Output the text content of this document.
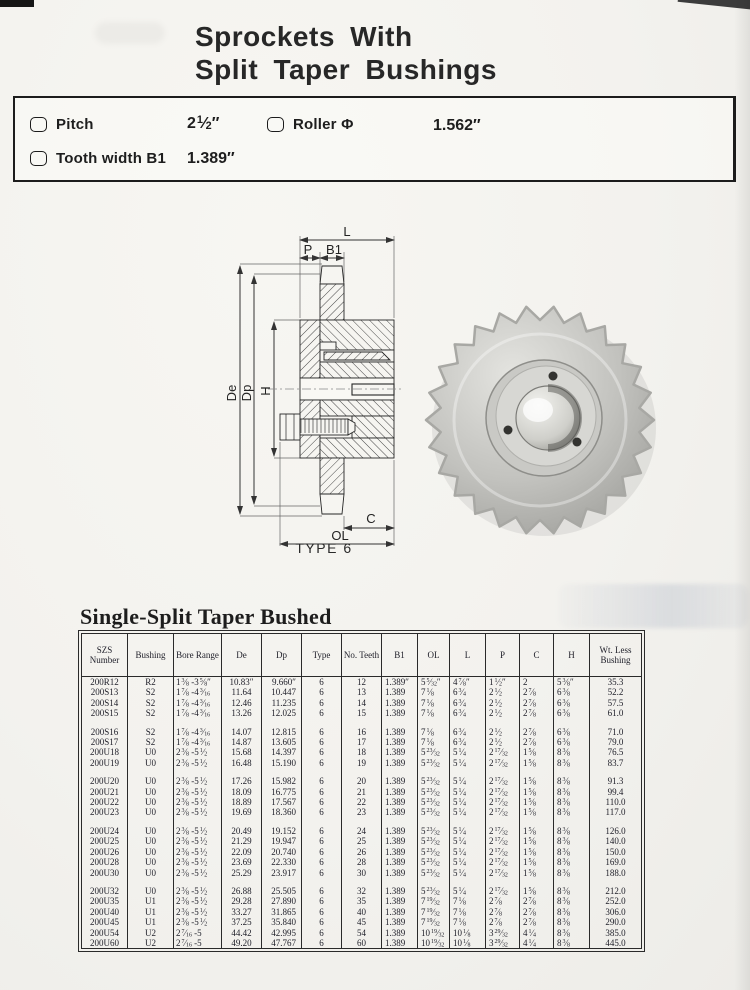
Sprockets With
Split Taper Bushings
Pitch	$2^1⁄_2''$	Roller Φ	1.562″
Tooth width B1 1.389″
L
P B1
De Dp H
C
OL
TYPE 6
Single-Split Taper Bushed
SZS Number	Bushing	Bore Range	De	Dp	Type	No. Teeth	B1	OL	L	P	C	H	Wt. Less Bushing
200R12	R2	$1^3⁄_8$ $-3^5⁄_8''$	10.83″	9.660″	6	12	1.389″	$5^5⁄_{32}''$	$4^7⁄_8''$	$1^1⁄_2''$	2	$5^3⁄_8''$	35.3
200S13	S2	$1^7⁄_8$ $-4^3⁄_{16}$	11.64	10.447	6	13	1.389	$7^1⁄_8$	$6^3⁄_4$	$2^1⁄_2$	$2^7⁄_8$	$6^3⁄_8$	52.2
200S14	S2	$1^7⁄_8$ $-4^3⁄_{16}$	12.46	11.235	6	14	1.389	$7^1⁄_8$	$6^3⁄_4$	$2^1⁄_2$	$2^7⁄_8$	$6^3⁄_8$	57.5
200S15	S2	$1^7⁄_8$ $-4^3⁄_{16}$	13.26	12.025	6	15	1.389	$7^1⁄_8$	$6^3⁄_4$	$2^1⁄_2$	$2^7⁄_8$	$6^3⁄_8$	61.0

200S16	S2	$1^7⁄_8$ $-4^3⁄_{16}$	14.07	12.815	6	16	1.389	$7^1⁄_8$	$6^3⁄_4$	$2^1⁄_2$	$2^7⁄_8$	$6^3⁄_8$	71.0
200S17	S2	$1^7⁄_8$ $-4^3⁄_{16}$	14.87	13.605	6	17	1.389	$7^1⁄_8$	$6^3⁄_4$	$2^1⁄_2$	$2^7⁄_8$	$6^3⁄_8$	79.0
200U18	U0	$2^3⁄_8$ $-5^1⁄_2$	15.68	14.397	6	18	1.389	$5^{23}⁄_{32}$	$5^1⁄_4$	$2^{17}⁄_{32}$	$1^5⁄_8$	$8^3⁄_8$	76.5
200U19	U0	$2^3⁄_8$ $-5^1⁄_2$	16.48	15.190	6	19	1.389	$5^{23}⁄_{32}$	$5^1⁄_4$	$2^{17}⁄_{32}$	$1^5⁄_8$	$8^3⁄_8$	83.7

200U20	U0	$2^3⁄_8$ $-5^1⁄_2$	17.26	15.982	6	20	1.389	$5^{23}⁄_{32}$	$5^1⁄_4$	$2^{17}⁄_{32}$	$1^5⁄_8$	$8^3⁄_8$	91.3
200U21	U0	$2^3⁄_8$ $-5^1⁄_2$	18.09	16.775	6	21	1.389	$5^{23}⁄_{32}$	$5^1⁄_4$	$2^{17}⁄_{32}$	$1^5⁄_8$	$8^3⁄_8$	99.4
200U22	U0	$2^3⁄_8$ $-5^1⁄_2$	18.89	17.567	6	22	1.389	$5^{23}⁄_{32}$	$5^1⁄_4$	$2^{17}⁄_{32}$	$1^5⁄_8$	$8^3⁄_8$	110.0
200U23	U0	$2^3⁄_8$ $-5^1⁄_2$	19.69	18.360	6	23	1.389	$5^{23}⁄_{32}$	$5^1⁄_4$	$2^{17}⁄_{32}$	$1^5⁄_8$	$8^3⁄_8$	117.0

200U24	U0	$2^3⁄_8$ $-5^1⁄_2$	20.49	19.152	6	24	1.389	$5^{23}⁄_{32}$	$5^1⁄_4$	$2^{17}⁄_{32}$	$1^5⁄_8$	$8^3⁄_8$	126.0
200U25	U0	$2^3⁄_8$ $-5^1⁄_2$	21.29	19.947	6	25	1.389	$5^{23}⁄_{32}$	$5^1⁄_4$	$2^{17}⁄_{32}$	$1^5⁄_8$	$8^3⁄_8$	140.0
200U26	U0	$2^3⁄_8$ $-5^1⁄_2$	22.09	20.740	6	26	1.389	$5^{23}⁄_{32}$	$5^1⁄_4$	$2^{17}⁄_{32}$	$1^5⁄_8$	$8^3⁄_8$	150.0
200U28	U0	$2^3⁄_8$ $-5^1⁄_2$	23.69	22.330	6	28	1.389	$5^{23}⁄_{32}$	$5^1⁄_4$	$2^{17}⁄_{32}$	$1^5⁄_8$	$8^3⁄_8$	169.0
200U30	U0	$2^3⁄_8$ $-5^1⁄_2$	25.29	23.917	6	30	1.389	$5^{23}⁄_{32}$	$5^1⁄_4$	$2^{17}⁄_{32}$	$1^5⁄_8$	$8^3⁄_8$	188.0

200U32	U0	$2^3⁄_8$ $-5^1⁄_2$	26.88	25.505	6	32	1.389	$5^{23}⁄_{32}$	$5^1⁄_4$	$2^{17}⁄_{32}$	$1^5⁄_8$	$8^3⁄_8$	212.0
200U35	U1	$2^3⁄_8$ $-5^1⁄_2$	29.28	27.890	6	35	1.389	$7^{19}⁄_{32}$	$7^1⁄_8$	$2^7⁄_8$	$2^7⁄_8$	$8^3⁄_8$	252.0
200U40	U1	$2^3⁄_8$ $-5^1⁄_2$	33.27	31.865	6	40	1.389	$7^{19}⁄_{32}$	$7^1⁄_8$	$2^7⁄_8$	$2^7⁄_8$	$8^3⁄_8$	306.0
200U45	U1	$2^3⁄_8$ $-5^1⁄_2$	37.25	35.840	6	45	1.389	$7^{19}⁄_{32}$	$7^1⁄_8$	$2^7⁄_8$	$2^7⁄_8$	$8^3⁄_8$	290.0
200U54	U2	$2^7⁄_{16}$ -5	44.42	42.995	6	54	1.389	$10^{19}⁄_{32}$	$10^1⁄_8$	$3^{29}⁄_{32}$	$4^1⁄_4$	$8^3⁄_8$	385.0
200U60	U2	$2^7⁄_{16}$ -5	49.20	47.767	6	60	1.389	$10^{19}⁄_{32}$	$10^1⁄_8$	$3^{29}⁄_{32}$	$4^1⁄_4$	$8^3⁄_8$	445.0
